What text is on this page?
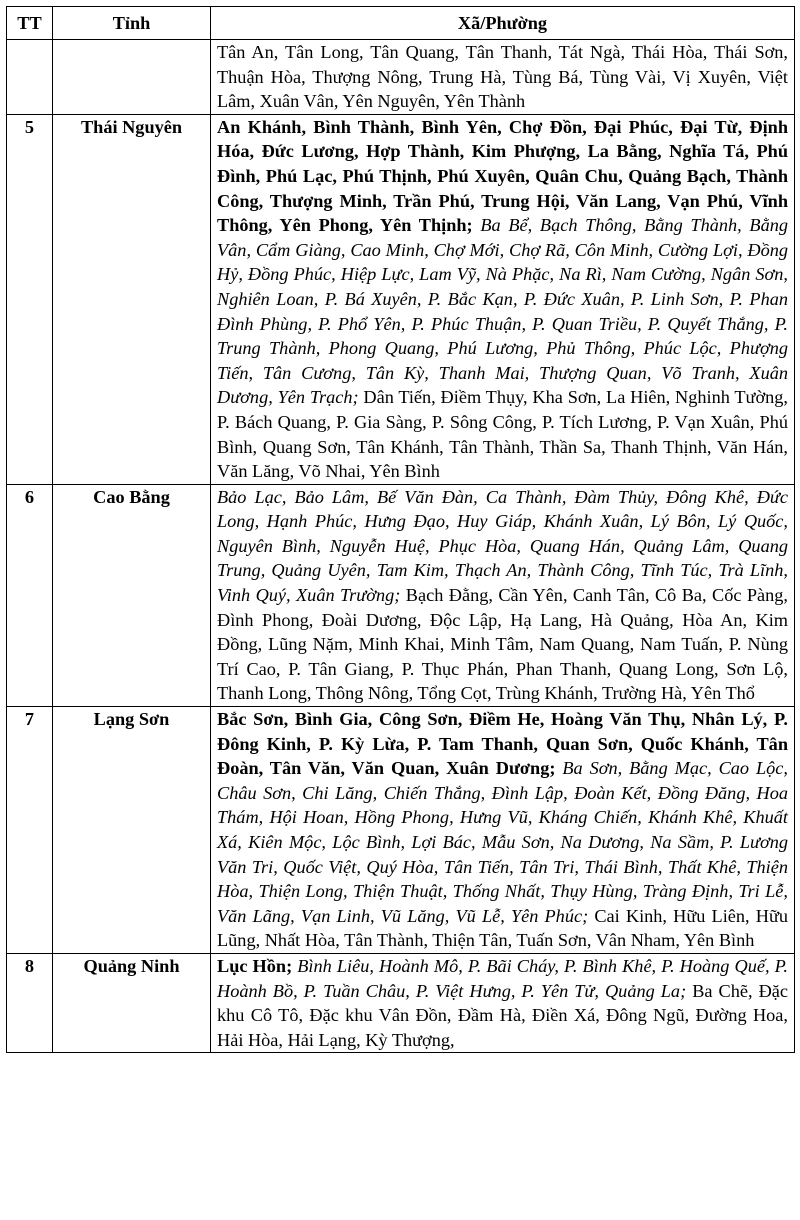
TT	Tỉnh	Xã/Phường
		Tân An, Tân Long, Tân Quang, Tân Thanh, Tát Ngà, Thái Hòa, Thái Sơn, Thuận Hòa, Thượng Nông, Trung Hà, Tùng Bá, Tùng Vài, Vị Xuyên, Việt Lâm, Xuân Vân, Yên Nguyên, Yên Thành
5	Thái Nguyên	An Khánh, Bình Thành, Bình Yên, Chợ Đồn, Đại Phúc, Đại Từ, Định Hóa, Đức Lương, Hợp Thành, Kim Phượng, La Bằng, Nghĩa Tá, Phú Đình, Phú Lạc, Phú Thịnh, Phú Xuyên, Quân Chu, Quảng Bạch, Thành Công, Thượng Minh, Trần Phú, Trung Hội, Văn Lang, Vạn Phú, Vĩnh Thông, Yên Phong, Yên Thịnh; Ba Bể, Bạch Thông, Bằng Thành, Bằng Vân, Cẩm Giàng, Cao Minh, Chợ Mới, Chợ Rã, Côn Minh, Cường Lợi, Đồng Hỷ, Đồng Phúc, Hiệp Lực, Lam Vỹ, Nà Phặc, Na Rì, Nam Cường, Ngân Sơn, Nghiên Loan, P. Bá Xuyên, P. Bắc Kạn, P. Đức Xuân, P. Linh Sơn, P. Phan Đình Phùng, P. Phổ Yên, P. Phúc Thuận, P. Quan Triều, P. Quyết Thắng, P. Trung Thành, Phong Quang, Phú Lương, Phủ Thông, Phúc Lộc, Phượng Tiến, Tân Cương, Tân Kỳ, Thanh Mai, Thượng Quan, Võ Tranh, Xuân Dương, Yên Trạch; Dân Tiến, Điềm Thụy, Kha Sơn, La Hiên, Nghinh Tường, P. Bách Quang, P. Gia Sàng, P. Sông Công, P. Tích Lương, P. Vạn Xuân, Phú Bình, Quang Sơn, Tân Khánh, Tân Thành, Thần Sa, Thanh Thịnh, Văn Hán, Văn Lăng, Võ Nhai, Yên Bình
6	Cao Bằng	Bảo Lạc, Bảo Lâm, Bế Văn Đàn, Ca Thành, Đàm Thủy, Đông Khê, Đức Long, Hạnh Phúc, Hưng Đạo, Huy Giáp, Khánh Xuân, Lý Bôn, Lý Quốc, Nguyên Bình, Nguyễn Huệ, Phục Hòa, Quang Hán, Quảng Lâm, Quang Trung, Quảng Uyên, Tam Kim, Thạch An, Thành Công, Tĩnh Túc, Trà Lĩnh, Vinh Quý, Xuân Trường; Bạch Đằng, Cần Yên, Canh Tân, Cô Ba, Cốc Pàng, Đình Phong, Đoài Dương, Độc Lập, Hạ Lang, Hà Quảng, Hòa An, Kim Đồng, Lũng Nặm, Minh Khai, Minh Tâm, Nam Quang, Nam Tuấn, P. Nùng Trí Cao, P. Tân Giang, P. Thục Phán, Phan Thanh, Quang Long, Sơn Lộ, Thanh Long, Thông Nông, Tổng Cọt, Trùng Khánh, Trường Hà, Yên Thổ
7	Lạng Sơn	Bắc Sơn, Bình Gia, Công Sơn, Điềm He, Hoàng Văn Thụ, Nhân Lý, P. Đông Kinh, P. Kỳ Lừa, P. Tam Thanh, Quan Sơn, Quốc Khánh, Tân Đoàn, Tân Văn, Văn Quan, Xuân Dương; Ba Sơn, Bằng Mạc, Cao Lộc, Châu Sơn, Chi Lăng, Chiến Thắng, Đình Lập, Đoàn Kết, Đồng Đăng, Hoa Thám, Hội Hoan, Hồng Phong, Hưng Vũ, Kháng Chiến, Khánh Khê, Khuất Xá, Kiên Mộc, Lộc Bình, Lợi Bác, Mẫu Sơn, Na Dương, Na Sầm, P. Lương Văn Tri, Quốc Việt, Quý Hòa, Tân Tiến, Tân Tri, Thái Bình, Thất Khê, Thiện Hòa, Thiện Long, Thiện Thuật, Thống Nhất, Thụy Hùng, Tràng Định, Tri Lễ, Văn Lãng, Vạn Linh, Vũ Lăng, Vũ Lễ, Yên Phúc; Cai Kinh, Hữu Liên, Hữu Lũng, Nhất Hòa, Tân Thành, Thiện Tân, Tuấn Sơn, Vân Nham, Yên Bình
8	Quảng Ninh	Lục Hồn; Bình Liêu, Hoành Mô, P. Bãi Cháy, P. Bình Khê, P. Hoàng Quế, P. Hoành Bồ, P. Tuần Châu, P. Việt Hưng, P. Yên Tử, Quảng La; Ba Chẽ, Đặc khu Cô Tô, Đặc khu Vân Đồn, Đầm Hà, Điền Xá, Đông Ngũ, Đường Hoa, Hải Hòa, Hải Lạng, Kỳ Thượng,
